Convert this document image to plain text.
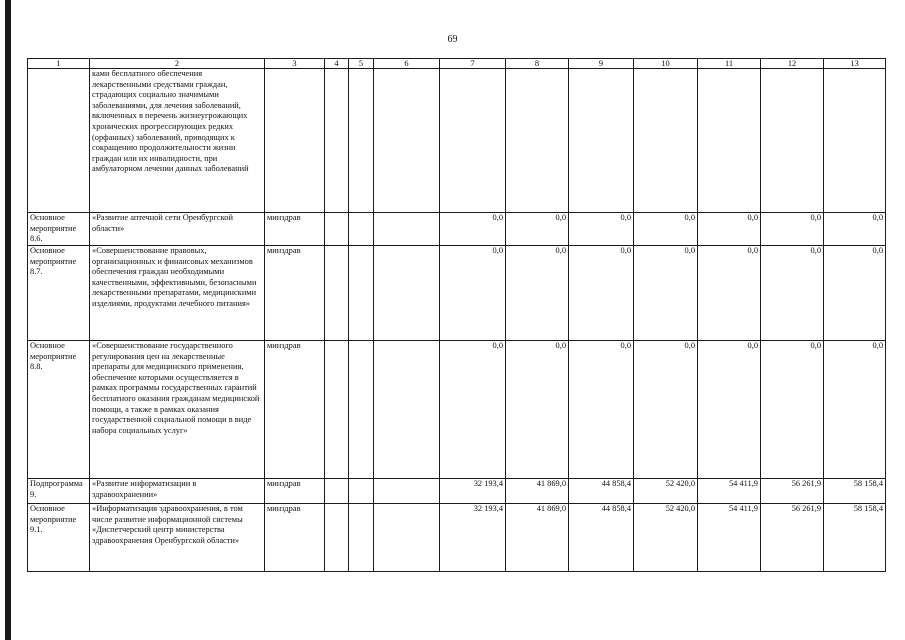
69
1	2	3	4	5	6	7	8	9	10	11	12	13
	ками бесплатного обеспечения лекарственными средствами граждан, страдающих социально значимыми заболеваниями, для лечения заболеваний, включенных в перечень жизнеугрожающих хронических прогрессирующих редких (орфанных) заболеваний, приводящих к сокращению продолжительности жизни граждан или их инвалидности, при амбулаторном лечении данных заболеваний											
Основное мероприятие 8.6.	«Развитие аптечной сети Оренбургской области»	минздрав				0,0	0,0	0,0	0,0	0,0	0,0	0,0
Основное мероприятие 8.7.	«Совершенствование правовых, организационных и финансовых механизмов обеспечения граждан необходимыми качественными, эффективными, безопасными лекарственными препаратами, медицинскими изделиями, продуктами лечебного питания»	минздрав				0,0	0,0	0,0	0,0	0,0	0,0	0,0
Основное мероприятие 8.8.	«Совершенствование государственного регулирования цен на лекарственные препараты для медицинского применения, обеспечение которыми осуществляется в рамках программы государственных гарантий бесплатного оказания гражданам медицинской помощи, а также в рамках оказания государственной социальной помощи в виде набора социальных услуг»	минздрав				0,0	0,0	0,0	0,0	0,0	0,0	0,0
Подпрограмма 9.	«Развитие информатизации в здравоохранении»	минздрав				32 193,4	41 869,0	44 858,4	52 420,0	54 411,9	56 261,9	58 158,4
Основное мероприятие 9.1.	«Информатизация здравоохранения, в том числе развитие информационной системы «Диспетчерский центр министерства здравоохранения Оренбургской области»	минздрав				32 193,4	41 869,0	44 858,4	52 420,0	54 411,9	56 261,9	58 158,4
